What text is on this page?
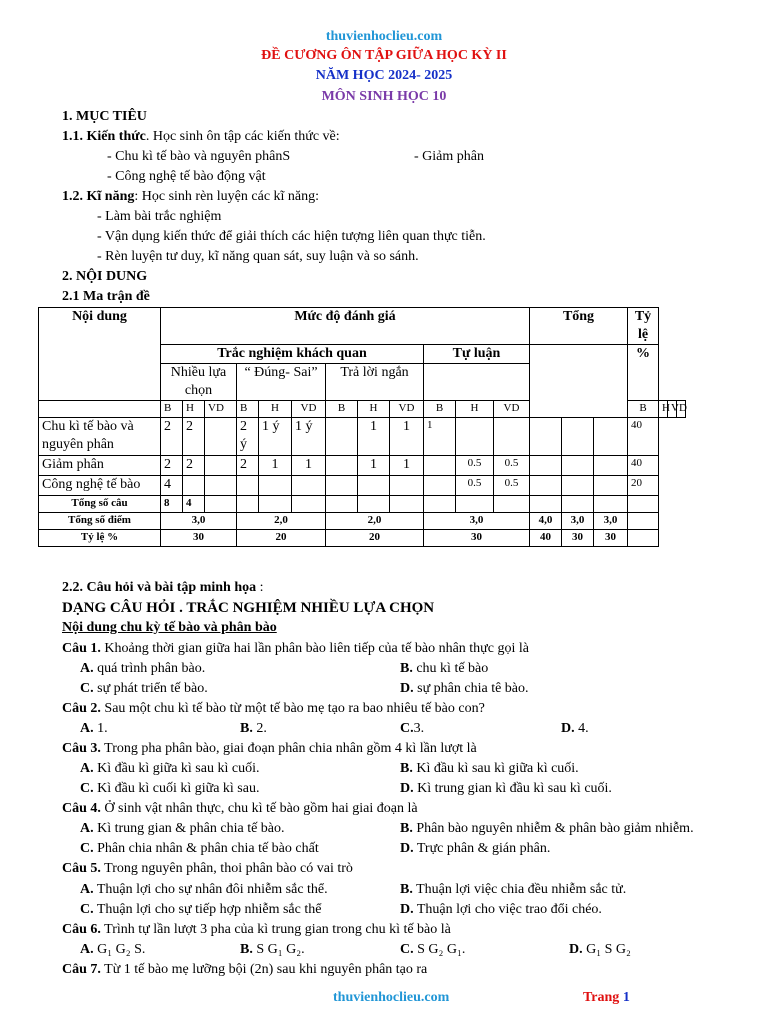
thuvienhoclieu.com
ĐỀ CƯƠNG ÔN TẬP GIỮA HỌC KỲ II
NĂM HỌC 2024- 2025
MÔN SINH HỌC 10
1. MỤC TIÊU
1.1. Kiến thức. Học sinh ôn tập các kiến thức về:
- Chu kì tế bào và nguyên phânS	- Giảm phân
- Công nghệ tế bào động vật
1.2. Kĩ năng: Học sinh rèn luyện các kĩ năng:
- Làm bài trắc nghiệm
- Vận dụng kiến thức để giải thích các hiện tượng liên quan thực tiễn.
- Rèn luyện tư duy, kĩ năng quan sát, suy luận và so sánh.
2. NỘI DUNG
2.1 Ma trận đề
Nội dung	Mức độ đánh giá												Tổng			Tỷ lệ			
	Trắc nghiệm khách quan									Tự luận						%			
	Nhiều lựa chọn			“ Đúng- Sai”			Trả lời ngắn												
	B	H	VD	B	H	VD	B	H	VD	B	H	VD				B	H	VD	
Chu kì tế bào và nguyên phân	2	2		2 ý	1 ý	1 ý		1	1	1						40			
Giảm phân	2	2		2	1	1		1	1		0.5	0.5				40			
Công nghệ tế bào	4										0.5	0.5				20			
Tổng số câu	8	4																	
Tổng số điểm	3,0			2,0			2,0			3,0			4,0	3,0	3,0				
Tỷ lệ %	30			20			20			30			40	30	30				
2.2. Câu hỏi và bài tập minh họa :
DẠNG CÂU HỎI . TRẮC NGHIỆM NHIỀU LỰA CHỌN
Nội dung chu kỳ tế bào và phân bào
Câu 1. Khoảng thời gian giữa hai lần phân bào liên tiếp của tế bào nhân thực gọi là
A. quá trình phân bào.	B. chu kì tế bào
C. sự phát triển tế bào.	D. sự phân chia tê bào.
Câu 2. Sau một chu kì tế bào từ một tế bào mẹ tạo ra bao nhiêu tế bào con?
A. 1.	B. 2.	C.3.	D. 4.
Câu 3. Trong pha phân bào, giai đoạn phân chia nhân gồm 4 kì lần lượt là
A. Kì đầu kì giữa kì sau kì cuối.	B. Kì đầu kì sau kì giữa kì cuối.
C. Kì đầu kì cuối kì giữa kì sau.	D. Kì trung gian kì đầu kì sau kì cuối.
Câu 4. Ở sinh vật nhân thực, chu kì tế bào gồm hai giai đoạn là
A. Kì trung gian & phân chia tế bào.	B. Phân bào nguyên nhiễm & phân bào giảm nhiễm.
C. Phân chia nhân & phân chia tế bào chất	D. Trực phân & gián phân.
Câu 5. Trong nguyên phân, thoi phân bào có vai trò
A. Thuận lợi cho sự nhân đôi nhiễm sắc thể.	B. Thuận lợi việc chia đều nhiễm sắc tử.
C. Thuận lợi cho sự tiếp hợp nhiễm sắc thể	D. Thuận lợi cho việc trao đổi chéo.
Câu 6. Trình tự lần lượt 3 pha của kì trung gian trong chu kì tế bào là
A. G₁ G₂ S.	B. S G₁ G₂.	C. S G₂ G₁.	D. G₁ S G₂
Câu 7. Từ 1 tế bào mẹ lưỡng bội (2n) sau khi nguyên phân tạo ra
thuvienhoclieu.com	Trang 1
